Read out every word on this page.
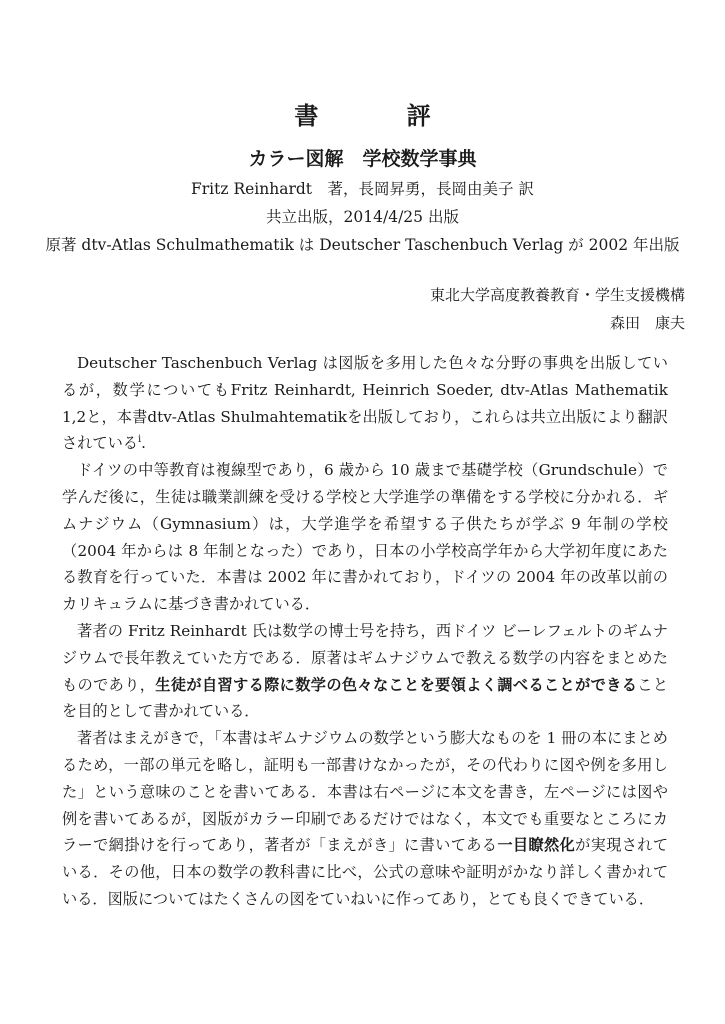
書 評
カラー図解　学校数学事典
Fritz Reinhardt　著，長岡昇勇，長岡由美子 訳
共立出版，2014/4/25 出版
原著 dtv-Atlas Schulmathematik は Deutscher Taschenbuch Verlag が 2002 年出版
東北大学高度教養教育・学生支援機構
森田　康夫

Deutscher Taschenbuch Verlag は図版を多用した色々な分野の事典を出版しているが，数学についてもFritz Reinhardt, Heinrich Soeder, dtv-Atlas Mathematik 1,2と，本書dtv-Atlas Shulmahtematikを出版しており，これらは共立出版により翻訳されている$^i$.

ドイツの中等教育は複線型であり，6 歳から 10 歳まで基礎学校（Grundschule）で学んだ後に，生徒は職業訓練を受ける学校と大学進学の準備をする学校に分かれる．ギムナジウム（Gymnasium）は，大学進学を希望する子供たちが学ぶ 9 年制の学校（2004 年からは 8 年制となった）であり，日本の小学校高学年から大学初年度にあたる教育を行っていた．本書は 2002 年に書かれており，ドイツの 2004 年の改革以前のカリキュラムに基づき書かれている．

著者の Fritz Reinhardt 氏は数学の博士号を持ち，西ドイツ ビーレフェルトのギムナジウムで長年教えていた方である．原著はギムナジウムで教える数学の内容をまとめたものであり，生徒が自習する際に数学の色々なことを要領よく調べることができることを目的として書かれている．

著者はまえがきで，「本書はギムナジウムの数学という膨大なものを 1 冊の本にまとめるため，一部の単元を略し，証明も一部書けなかったが，その代わりに図や例を多用した」という意味のことを書いてある．本書は右ページに本文を書き，左ページには図や例を書いてあるが，図版がカラー印刷であるだけではなく，本文でも重要なところにカラーで網掛けを行ってあり，著者が「まえがき」に書いてある一目瞭然化が実現されている．その他，日本の数学の教科書に比べ，公式の意味や証明がかなり詳しく書かれている．図版についてはたくさんの図をていねいに作ってあり，とても良くできている．
